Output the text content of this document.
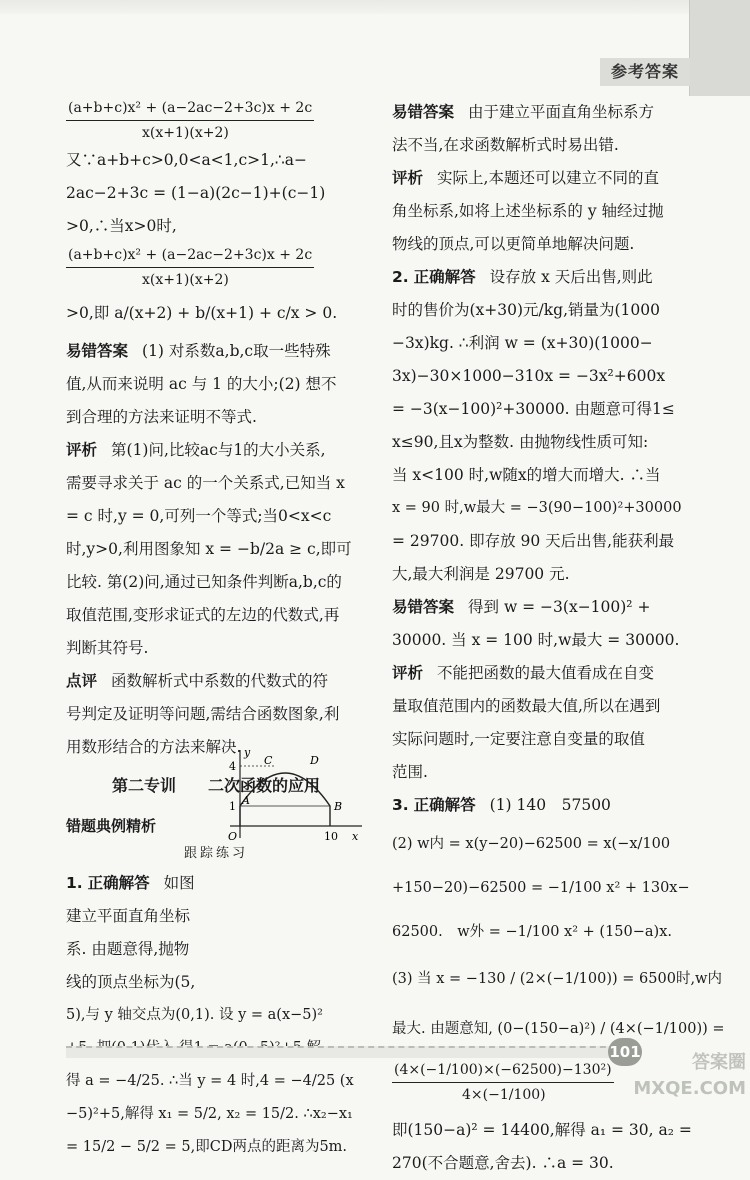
参考答案
(a+b+c)x² + (a−2ac−2+3c)x + 2c
x(x+1)(x+2)
又∵a+b+c>0,0<a<1,c>1,∴a−
2ac−2+3c = (1−a)(2c−1)+(c−1)
>0,∴当x>0时,
(a+b+c)x² + (a−2ac−2+3c)x + 2c
x(x+1)(x+2)
>0,即 a/(x+2) + b/(x+1) + c/x > 0.
易错答案 (1) 对系数a,b,c取一些特殊
值,从而来说明 ac 与 1 的大小;(2) 想不
到合理的方法来证明不等式.
评析 第(1)问,比较ac与1的大小关系,
需要寻求关于 ac 的一个关系式,已知当 x
= c 时,y = 0,可列一个等式;当0<x<c
时,y>0,利用图象知 x = −b/2a ≥ c,即可
比较. 第(2)问,通过已知条件判断a,b,c的
取值范围,变形求证式的左边的代数式,再
判断其符号.
点评 函数解析式中系数的代数式的符
号判定及证明等问题,需结合函数图象,利
用数形结合的方法来解决.
第二专训　　二次函数的应用
错题典例精析
跟踪练习
1. 正确解答 如图
建立平面直角坐标
系. 由题意得,抛物
线的顶点坐标为(5,
5),与 y 轴交点为(0,1). 设 y = a(x−5)²
得 a = −4/25. ∴当 y = 4 时,4 = −4/25 (x
−5)²+5,解得 x₁ = 5/2, x₂ = 15/2. ∴x₂−x₁
= 15/2 − 5/2 = 5,即CD两点的距离为5m.
y
x
O
4
1
10
A	B
C	D
易错答案 由于建立平面直角坐标系方
法不当,在求函数解析式时易出错.
评析 实际上,本题还可以建立不同的直
角坐标系,如将上述坐标系的 y 轴经过抛
物线的顶点,可以更简单地解决问题.
2. 正确解答 设存放 x 天后出售,则此
时的售价为(x+30)元/kg,销量为(1000
−3x)kg. ∴利润 w = (x+30)(1000−
3x)−30×1000−310x = −3x²+600x
= −3(x−100)²+30000. 由题意可得1≤
x≤90,且x为整数. 由抛物线性质可知:
当 x<100 时,w随x的增大而增大. ∴当
x = 90 时,w最大 = −3(90−100)²+30000
= 29700. 即存放 90 天后出售,能获利最
大,最大利润是 29700 元.
易错答案 得到 w = −3(x−100)² +
30000. 当 x = 100 时,w最大 = 30000.
评析 不能把函数的最大值看成在自变
量取值范围内的函数最大值,所以在遇到
实际问题时,一定要注意自变量的取值
范围.
3. 正确解答 (1) 140　57500
(2) w内 = x(y−20)−62500 = x(−x/100
+150−20)−62500 = −1/100 x² + 130x−
62500.　w外 = −1/100 x² + (150−a)x.
(3) 当 x = −130 / (2×(−1/100)) = 6500时,w内
最大. 由题意知, (0−(150−a)²) / (4×(−1/100)) =
(4×(−1/100)×(−62500)−130²)
4×(−1/100)
即(150−a)² = 14400,解得 a₁ = 30, a₂ =
270(不合题意,舍去). ∴a = 30.
101	答案圈
MXQE.COM
